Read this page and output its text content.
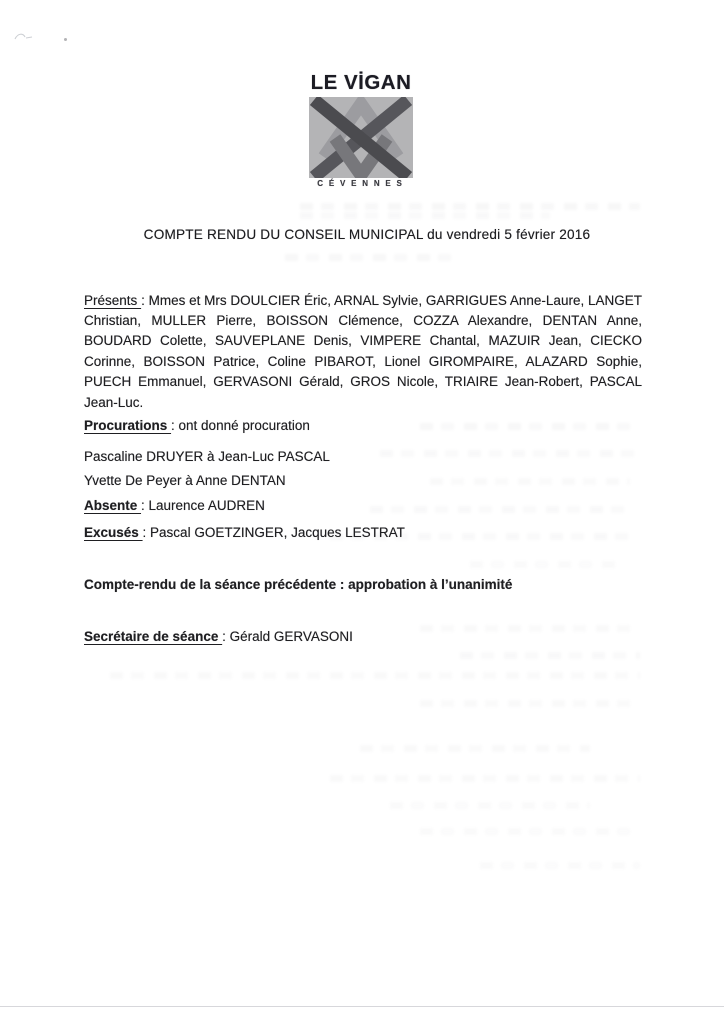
LE VİGAN
CÉVENNES
COMPTE RENDU DU CONSEIL MUNICIPAL du vendredi 5 février 2016

Présents : Mmes et Mrs DOULCIER Éric, ARNAL Sylvie, GARRIGUES Anne-Laure, LANGET Christian, MULLER Pierre, BOISSON Clémence, COZZA Alexandre, DENTAN Anne, BOUDARD Colette, SAUVEPLANE Denis, VIMPERE Chantal, MAZUIR Jean, CIECKO Corinne, BOISSON Patrice, Coline PIBAROT, Lionel GIROMPAIRE, ALAZARD Sophie, PUECH Emmanuel, GERVASONI Gérald, GROS Nicole, TRIAIRE Jean-Robert, PASCAL Jean-Luc.

Procurations : ont donné procuration
Pascaline DRUYER à Jean-Luc PASCAL
Yvette De Peyer à Anne DENTAN
Absente : Laurence AUDREN
Excusés : Pascal GOETZINGER, Jacques LESTRAT
Compte-rendu de la séance précédente : approbation à l’unanimité
Secrétaire de séance : Gérald GERVASONI
